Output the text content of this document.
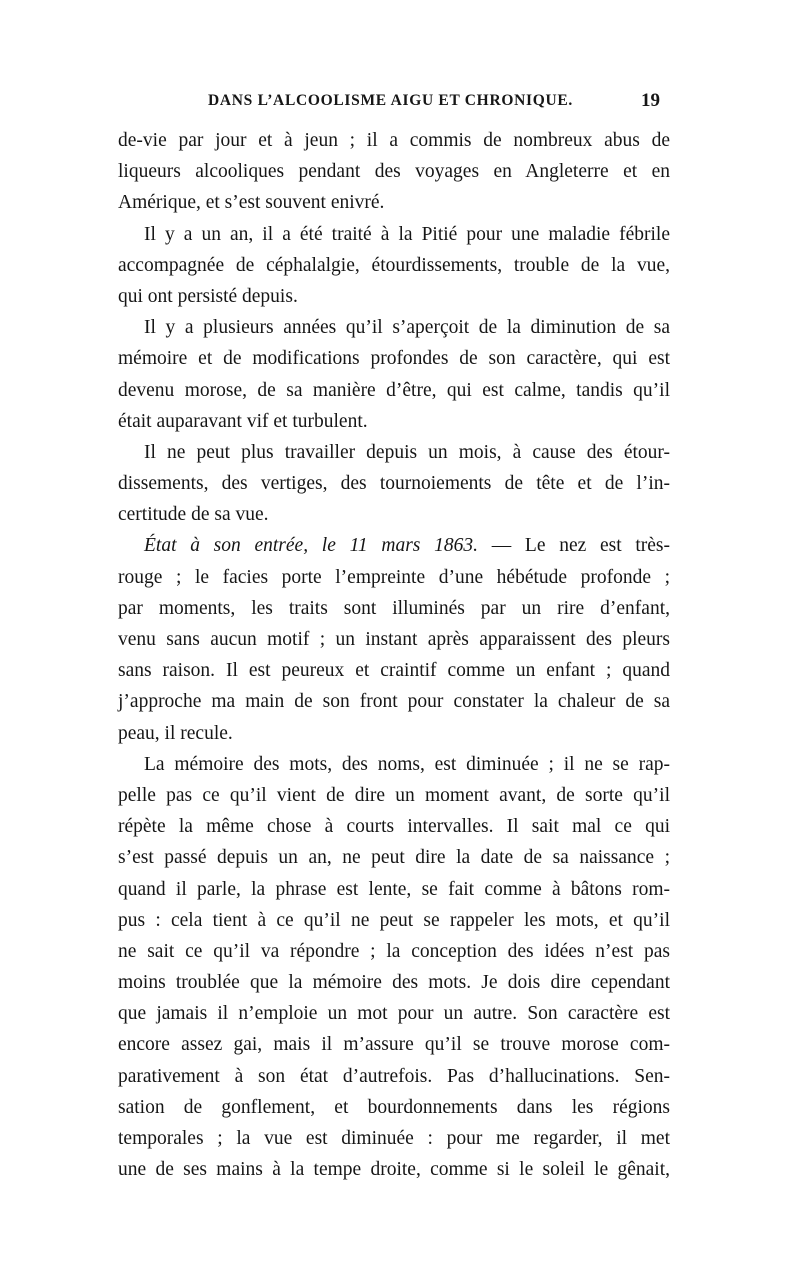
DANS L’ALCOOLISME AIGU ET CHRONIQUE.	19
de-vie par jour et à jeun ; il a commis de nombreux abus de
liqueurs alcooliques pendant des voyages en Angleterre et en
Amérique, et s’est souvent enivré.
Il y a un an, il a été traité à la Pitié pour une maladie fébrile
accompagnée de céphalalgie, étourdissements, trouble de la vue,
qui ont persisté depuis.
Il y a plusieurs années qu’il s’aperçoit de la diminution de sa
mémoire et de modifications profondes de son caractère, qui est
devenu morose, de sa manière d’être, qui est calme, tandis qu’il
était auparavant vif et turbulent.
Il ne peut plus travailler depuis un mois, à cause des étour-
dissements, des vertiges, des tournoiements de tête et de l’in-
certitude de sa vue.
État à son entrée, le 11 mars 1863. — Le nez est très-
rouge ; le facies porte l’empreinte d’une hébétude profonde ;
par moments, les traits sont illuminés par un rire d’enfant,
venu sans aucun motif ; un instant après apparaissent des pleurs
sans raison. Il est peureux et craintif comme un enfant ; quand
j’approche ma main de son front pour constater la chaleur de sa
peau, il recule.
La mémoire des mots, des noms, est diminuée ; il ne se rap-
pelle pas ce qu’il vient de dire un moment avant, de sorte qu’il
répète la même chose à courts intervalles. Il sait mal ce qui
s’est passé depuis un an, ne peut dire la date de sa naissance ;
quand il parle, la phrase est lente, se fait comme à bâtons rom-
pus : cela tient à ce qu’il ne peut se rappeler les mots, et qu’il
ne sait ce qu’il va répondre ; la conception des idées n’est pas
moins troublée que la mémoire des mots. Je dois dire cependant
que jamais il n’emploie un mot pour un autre. Son caractère est
encore assez gai, mais il m’assure qu’il se trouve morose com-
parativement à son état d’autrefois. Pas d’hallucinations. Sen-
sation de gonflement, et bourdonnements dans les régions
temporales ; la vue est diminuée : pour me regarder, il met
une de ses mains à la tempe droite, comme si le soleil le gênait,
